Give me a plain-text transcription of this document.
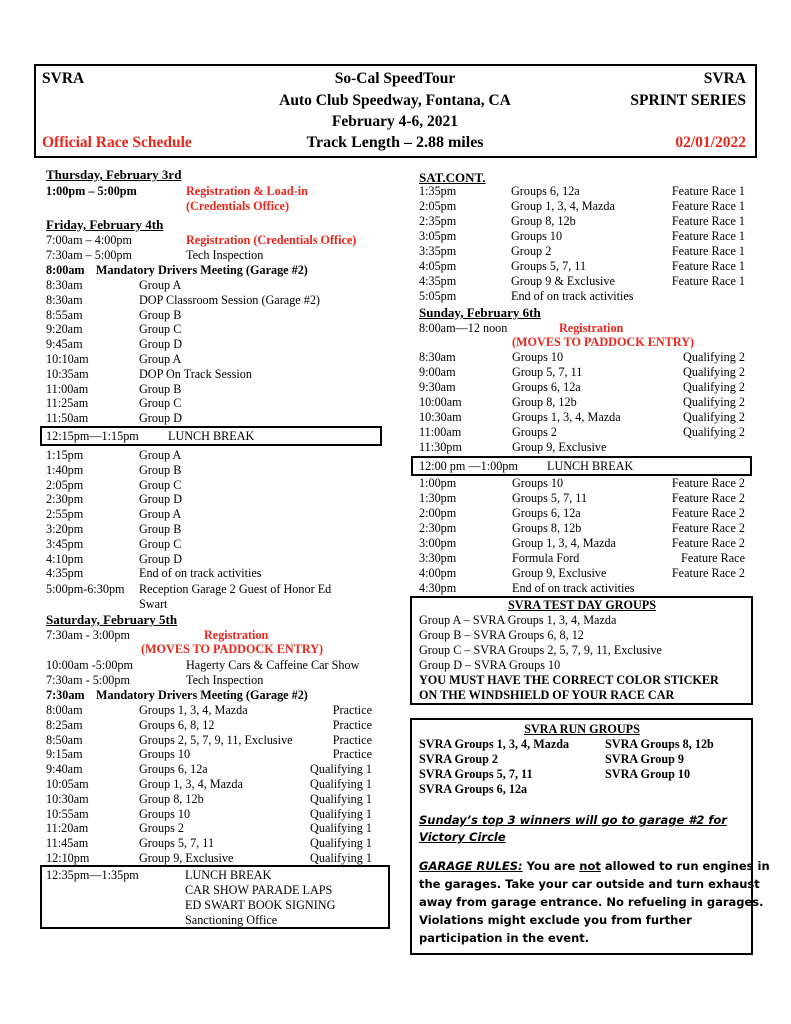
SVRA
Official Race Schedule
So-Cal SpeedTour
Auto Club Speedway, Fontana, CA
February 4-6, 2021
Track Length – 2.88 miles
SVRA
SPRINT SERIES
02/01/2022
Thursday, February 3rd
1:00pm – 5:00pm	Registration & Load-in
(Credentials Office)
Friday, February 4th
7:00am – 4:00pm	Registration (Credentials Office)
7:30am – 5:00pm	Tech Inspection
8:00am Mandatory Drivers Meeting (Garage #2)
8:30am	Group A
8:30am	DOP Classroom Session (Garage #2)
8:55am	Group B
9:20am	Group C
9:45am	Group D
10:10am	Group A
10:35am	DOP On Track Session
11:00am	Group B
11:25am	Group C
11:50am	Group D
12:15pm—1:15pm LUNCH BREAK
1:15pm	Group A
1:40pm	Group B
2:05pm	Group C
2:30pm	Group D
2:55pm	Group A
3:20pm	Group B
3:45pm	Group C
4:10pm	Group D
4:35pm	End of on track activities
5:00pm-6:30pm Reception Garage 2 Guest of Honor Ed
Swart
Saturday, February 5th
7:30am - 3:00pm	Registration
(MOVES TO PADDOCK ENTRY)
10:00am -5:00pm	Hagerty Cars & Caffeine Car Show
7:30am - 5:00pm	Tech Inspection
7:30am Mandatory Drivers Meeting (Garage #2)
8:00am	Groups 1, 3, 4, Mazda	Practice
8:25am	Groups 6, 8, 12	Practice
8:50am	Groups 2, 5, 7, 9, 11, Exclusive	Practice
9:15am	Groups 10	Practice
9:40am	Groups 6, 12a	Qualifying 1
10:05am	Group 1, 3, 4, Mazda	Qualifying 1
10:30am	Group 8, 12b	Qualifying 1
10:55am	Groups 10	Qualifying 1
11:20am	Groups 2	Qualifying 1
11:45am	Groups 5, 7, 11	Qualifying 1
12:10pm	Group 9, Exclusive	Qualifying 1
12:35pm—1:35pm	LUNCH BREAK
CAR SHOW PARADE LAPS
ED SWART BOOK SIGNING
Sanctioning Office
SAT.CONT.
1:35pm	Groups 6, 12a	Feature Race 1
2:05pm	Group 1, 3, 4, Mazda	Feature Race 1
2:35pm	Group 8, 12b	Feature Race 1
3:05pm	Groups 10	Feature Race 1
3:35pm	Group 2	Feature Race 1
4:05pm	Groups 5, 7, 11	Feature Race 1
4:35pm	Group 9 & Exclusive	Feature Race 1
5:05pm	End of on track activities
Sunday, February 6th
8:00am—12 noon	Registration
(MOVES TO PADDOCK ENTRY)
8:30am	Groups 10	Qualifying 2
9:00am	Group 5, 7, 11	Qualifying 2
9:30am	Groups 6, 12a	Qualifying 2
10:00am	Group 8, 12b	Qualifying 2
10:30am	Groups 1, 3, 4, Mazda	Qualifying 2
11:00am	Groups 2	Qualifying 2
11:30pm	Group 9, Exclusive
12:00 pm —1:00pm LUNCH BREAK
1:00pm	Groups 10	Feature Race 2
1:30pm	Groups 5, 7, 11	Feature Race 2
2:00pm	Groups 6, 12a	Feature Race 2
2:30pm	Groups 8, 12b	Feature Race 2
3:00pm	Group 1, 3, 4, Mazda	Feature Race 2
3:30pm	Formula Ford	Feature Race
4:00pm	Group 9, Exclusive	Feature Race 2
4:30pm	End of on track activities
SVRA TEST DAY GROUPS
Group A – SVRA Groups 1, 3, 4, Mazda
Group B – SVRA Groups 6, 8, 12
Group C – SVRA Groups 2, 5, 7, 9, 11, Exclusive
Group D – SVRA Groups 10
YOU MUST HAVE THE CORRECT COLOR STICKER
ON THE WINDSHIELD OF YOUR RACE CAR
SVRA RUN GROUPS
SVRA Groups 1, 3, 4, Mazda
SVRA Group 2
SVRA Groups 5, 7, 11
SVRA Groups 6, 12a
SVRA Groups 8, 12b
SVRA Group 9
SVRA Group 10
Sunday’s top 3 winners will go to garage #2 for
Victory Circle
GARAGE RULES: You are not allowed to run engines in
the garages. Take your car outside and turn exhaust
away from garage entrance. No refueling in garages.
Violations might exclude you from further
participation in the event.
